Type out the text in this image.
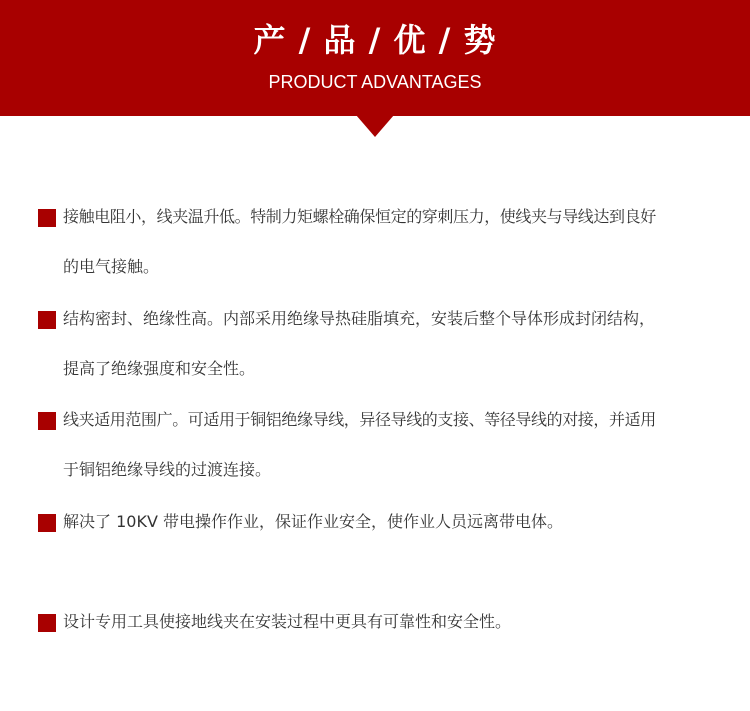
产 / 品 / 优 / 势
PRODUCT ADVANTAGES
接触电阻小，线夹温升低。特制力矩螺栓确保恒定的穿刺压力，使线夹与导线达到良好
的电气接触。
结构密封、绝缘性高。内部采用绝缘导热硅脂填充，安装后整个导体形成封闭结构，
提高了绝缘强度和安全性。
线夹适用范围广。可适用于铜铝绝缘导线，异径导线的支接、等径导线的对接，并适用
于铜铝绝缘导线的过渡连接。
解决了 10KV 带电操作作业，保证作业安全，使作业人员远离带电体。
设计专用工具使接地线夹在安装过程中更具有可靠性和安全性。
